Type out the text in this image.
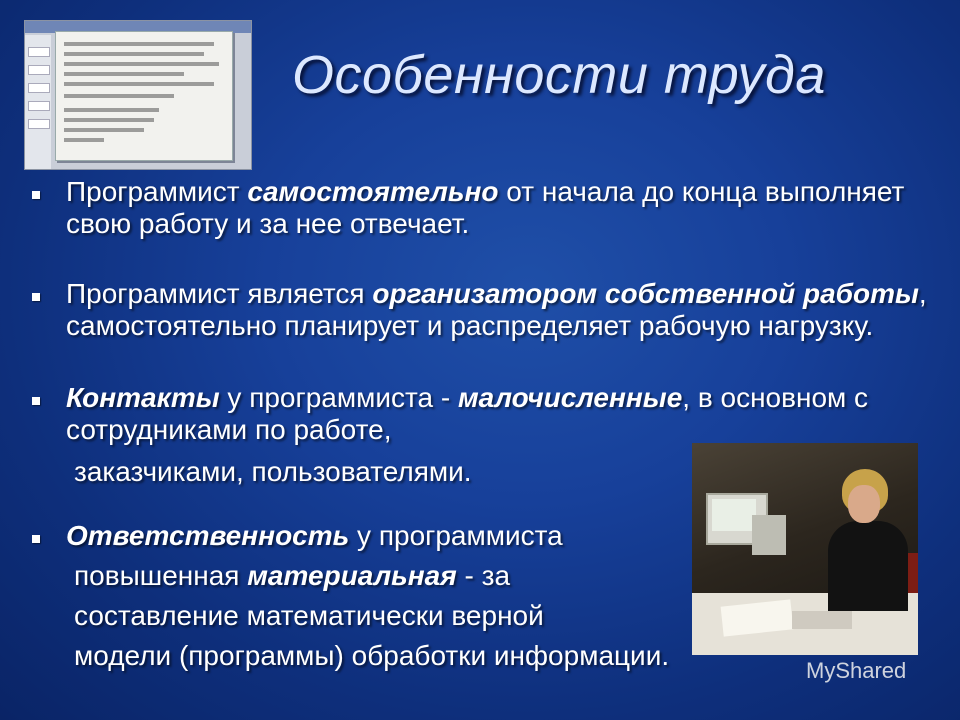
Особенности труда
Программист самостоятельно от начала до конца выполняет свою работу и за нее отвечает.
Программист является организатором собственной работы, самостоятельно планирует и распределяет рабочую нагрузку.
Контакты у программиста - малочисленные, в основном с сотрудниками по работе,
заказчиками, пользователями.
Ответственность у программиста
повышенная материальная - за
составление математически верной
модели (программы) обработки информации.	MyShared
